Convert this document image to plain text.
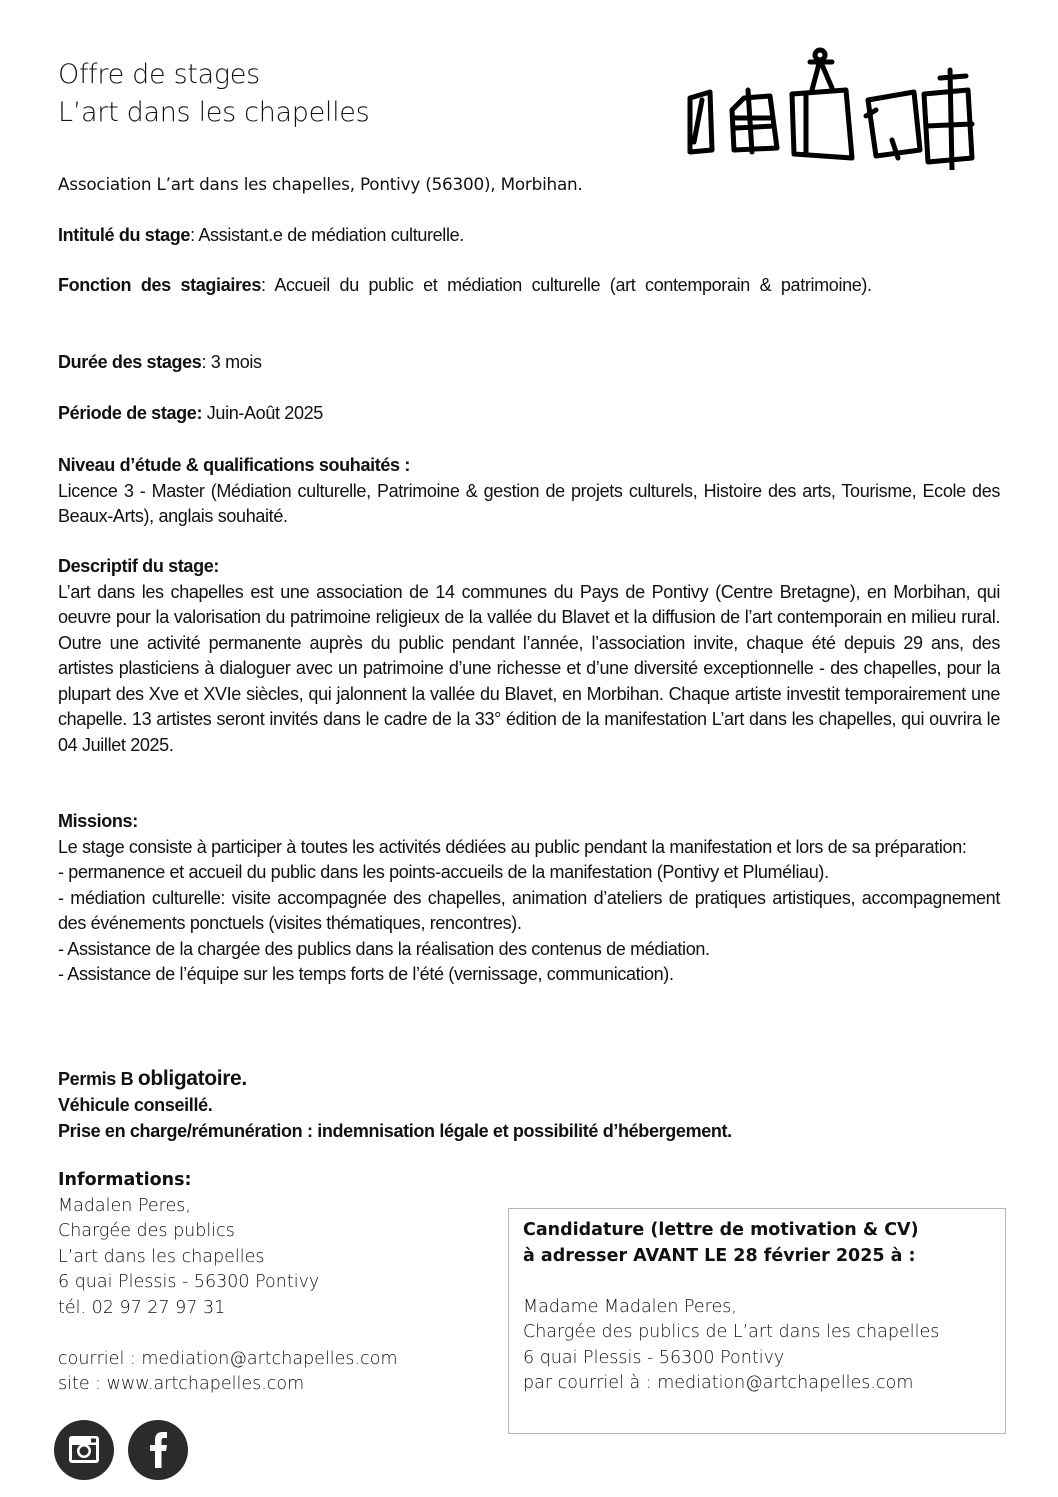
Offre de stages
L’art dans les chapelles
Association L’art dans les chapelles, Pontivy (56300), Morbihan.
Intitulé du stage: Assistant.e de médiation culturelle.
Fonction des stagiaires: Accueil du public et médiation culturelle (art contemporain & patrimoine).
Durée des stages: 3 mois
Période de stage: Juin-Août 2025
Niveau d’étude & qualifications souhaités :
Licence 3 - Master (Médiation culturelle, Patrimoine & gestion de projets culturels, Histoire des arts, Tourisme, Ecole des Beaux-Arts), anglais souhaité.
Descriptif du stage:
L’art dans les chapelles est une association de 14 communes du Pays de Pontivy (Centre Bretagne), en Morbihan, qui oeuvre pour la valorisation du patrimoine religieux de la vallée du Blavet et la diffusion de l’art contemporain en milieu rural. Outre une activité permanente auprès du public pendant l’année, l’association invite, chaque été depuis 29 ans, des artistes plasticiens à dialoguer avec un patrimoine d’une richesse et d’une diversité exceptionnelle - des chapelles, pour la plupart des Xve et XVIe siècles, qui jalonnent la vallée du Blavet, en Morbihan. Chaque artiste investit temporairement une chapelle. 13 artistes seront invités dans le cadre de la 33° édition de la manifestation L’art dans les chapelles, qui ouvrira le 04 Juillet 2025.
Missions:
Le stage consiste à participer à toutes les activités dédiées au public pendant la manifestation et lors de sa préparation:
- permanence et accueil du public dans les points-accueils de la manifestation (Pontivy et Pluméliau).
- médiation culturelle: visite accompagnée des chapelles, animation d’ateliers de pratiques artistiques, accompagnement des événements ponctuels (visites thématiques, rencontres).
- Assistance de la chargée des publics dans la réalisation des contenus de médiation.
- Assistance de l’équipe sur les temps forts de l’été (vernissage, communication).
Permis B obligatoire.
Véhicule conseillé.
Prise en charge/rémunération : indemnisation légale et possibilité d’hébergement.
Informations:
Madalen Peres,
Chargée des publics
L’art dans les chapelles
6 quai Plessis - 56300 Pontivy
tél. 02 97 27 97 31
courriel : mediation@artchapelles.com
site : www.artchapelles.com
Candidature (lettre de motivation & CV)
à adresser AVANT LE 28 février 2025 à :
Madame Madalen Peres,
Chargée des publics de L’art dans les chapelles
6 quai Plessis - 56300 Pontivy
par courriel à : mediation@artchapelles.com
